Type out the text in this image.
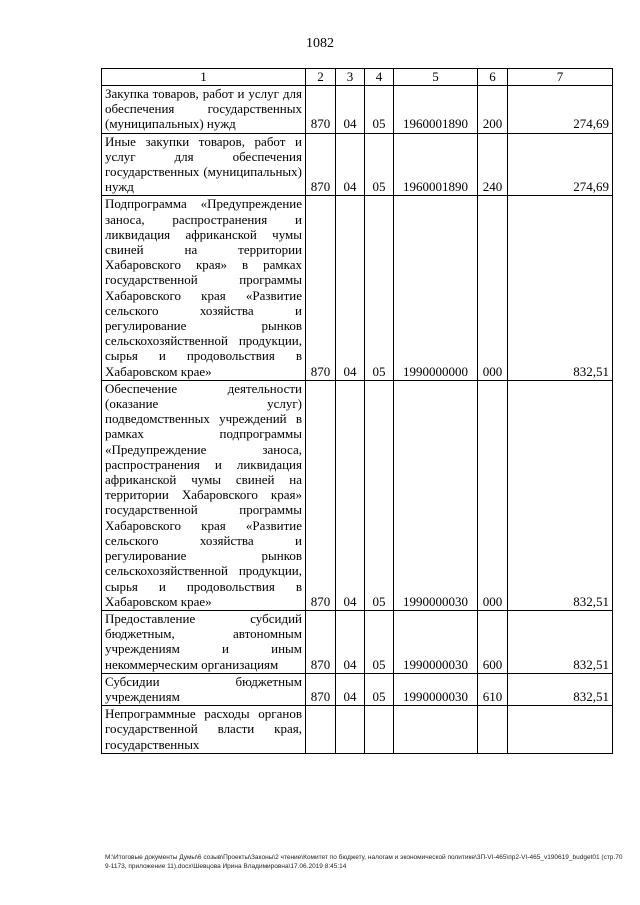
1082
1	2	3	4	5	6	7
Закупка товаров, работ и услуг для обеспечения государственных (муниципальных) нужд	870	04	05	1960001890	200	274,69
Иные закупки товаров, работ и услуг для обеспечения государственных (муниципальных) нужд	870	04	05	1960001890	240	274,69
Подпрограмма «Предупреждение заноса, распространения и ликвидация африканской чумы свиней на территории Хабаровского края» в рамках государственной программы Хабаровского края «Развитие сельского хозяйства и регулирование рынков сельскохозяйственной продукции, сырья и продовольствия в Хабаровском крае»	870	04	05	1990000000	000	832,51
Обеспечение деятельности (оказание услуг) подведомственных учреждений в рамках подпрограммы «Предупреждение заноса, распространения и ликвидация африканской чумы свиней на территории Хабаровского края» государственной программы Хабаровского края «Развитие сельского хозяйства и регулирование рынков сельскохозяйственной продукции, сырья и продовольствия в Хабаровском крае»	870	04	05	1990000030	000	832,51
Предоставление субсидий бюджетным, автономным учреждениям и иным некоммерческим организациям	870	04	05	1990000030	600	832,51
Субсидии бюджетным учреждениям	870	04	05	1990000030	610	832,51
Непрограммные расходы органов государственной власти края, государственных						
М:\Итоговые документы Думы\6 созыв\Проекты\Законы\2 чтение\Комитет по бюджету, налогам и экономической политике\3П-VI-465\пр2-VI-465_v190619_budget01 (стр.709-1173, приложение 11).docx\Шевцова Ирина Владимировна\17.06.2019 8:45:14
